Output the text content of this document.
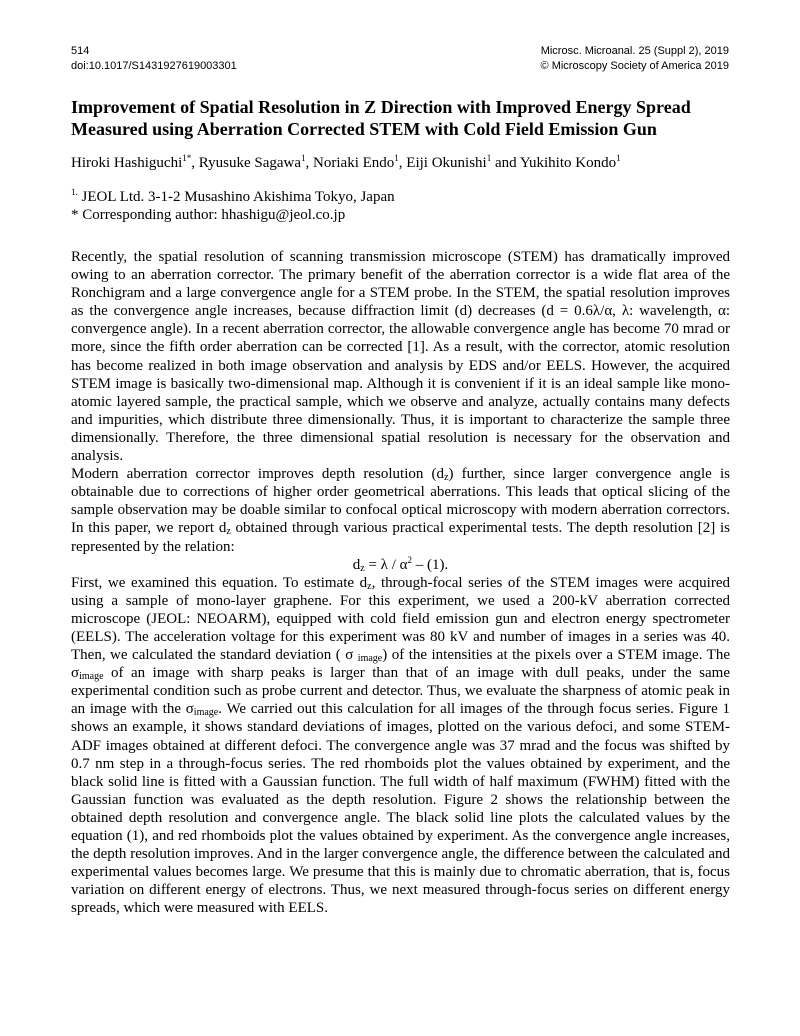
514
doi:10.1017/S1431927619003301
Microsc. Microanal. 25 (Suppl 2), 2019
© Microscopy Society of America 2019
Improvement of Spatial Resolution in Z Direction with Improved Energy Spread
Measured using Aberration Corrected STEM with Cold Field Emission Gun
Hiroki Hashiguchi$^{1*}$, Ryusuke Sagawa$^1$, Noriaki Endo$^1$, Eiji Okunishi$^1$ and Yukihito Kondo$^1$
$^{1.}$ JEOL Ltd. 3-1-2 Musashino Akishima Tokyo, Japan
* Corresponding author: hhashigu@jeol.co.jp

Recently, the spatial resolution of scanning transmission microscope (STEM) has dramatically improved owing to an aberration corrector. The primary benefit of the aberration corrector is a wide flat area of the Ronchigram and a large convergence angle for a STEM probe. In the STEM, the spatial resolution improves as the convergence angle increases, because diffraction limit (d) decreases (d = 0.6λ/α, λ: wavelength, α: convergence angle). In a recent aberration corrector, the allowable convergence angle has become 70 mrad or more, since the fifth order aberration can be corrected [1]. As a result, with the corrector, atomic resolution has become realized in both image observation and analysis by EDS and/or EELS. However, the acquired STEM image is basically two-dimensional map. Although it is convenient if it is an ideal sample like mono-atomic layered sample, the practical sample, which we observe and analyze, actually contains many defects and impurities, which distribute three dimensionally. Thus, it is important to characterize the sample three dimensionally. Therefore, the three dimensional spatial resolution is necessary for the observation and analysis.

Modern aberration corrector improves depth resolution $(d_z)$ further, since larger convergence angle is obtainable due to corrections of higher order geometrical aberrations. This leads that optical slicing of the sample observation may be doable similar to confocal optical microscopy with modern aberration correctors. In this paper, we report $d_z$ obtained through various practical experimental tests. The depth resolution [2] is represented by the relation:

$d_z = \lambda / \alpha^2 - (1)$.

First, we examined this equation. To estimate $d_z$, through-focal series of the STEM images were acquired using a sample of mono-layer graphene. For this experiment, we used a 200-kV aberration corrected microscope (JEOL: NEOARM), equipped with cold field emission gun and electron energy spectrometer (EELS). The acceleration voltage for this experiment was 80 kV and number of images in a series was 40. Then, we calculated the standard deviation ( σ $_{image}$) of the intensities at the pixels over a STEM image. The $\sigma_{image}$ of an image with sharp peaks is larger than that of an image with dull peaks, under the same experimental condition such as probe current and detector. Thus, we evaluate the sharpness of atomic peak in an image with the $\sigma_{image}$. We carried out this calculation for all images of the through focus series. Figure 1 shows an example, it shows standard deviations of images, plotted on the various defoci, and some STEM-ADF images obtained at different defoci. The convergence angle was 37 mrad and the focus was shifted by 0.7 nm step in a through-focus series. The red rhomboids plot the values obtained by experiment, and the black solid line is fitted with a Gaussian function. The full width of half maximum (FWHM) fitted with the Gaussian function was evaluated as the depth resolution. Figure 2 shows the relationship between the obtained depth resolution and convergence angle. The black solid line plots the calculated values by the equation (1), and red rhomboids plot the values obtained by experiment. As the convergence angle increases, the depth resolution improves. And in the larger convergence angle, the difference between the calculated and experimental values becomes large. We presume that this is mainly due to chromatic aberration, that is, focus variation on different energy of electrons. Thus, we next measured through-focus series on different energy spreads, which were measured with EELS.
